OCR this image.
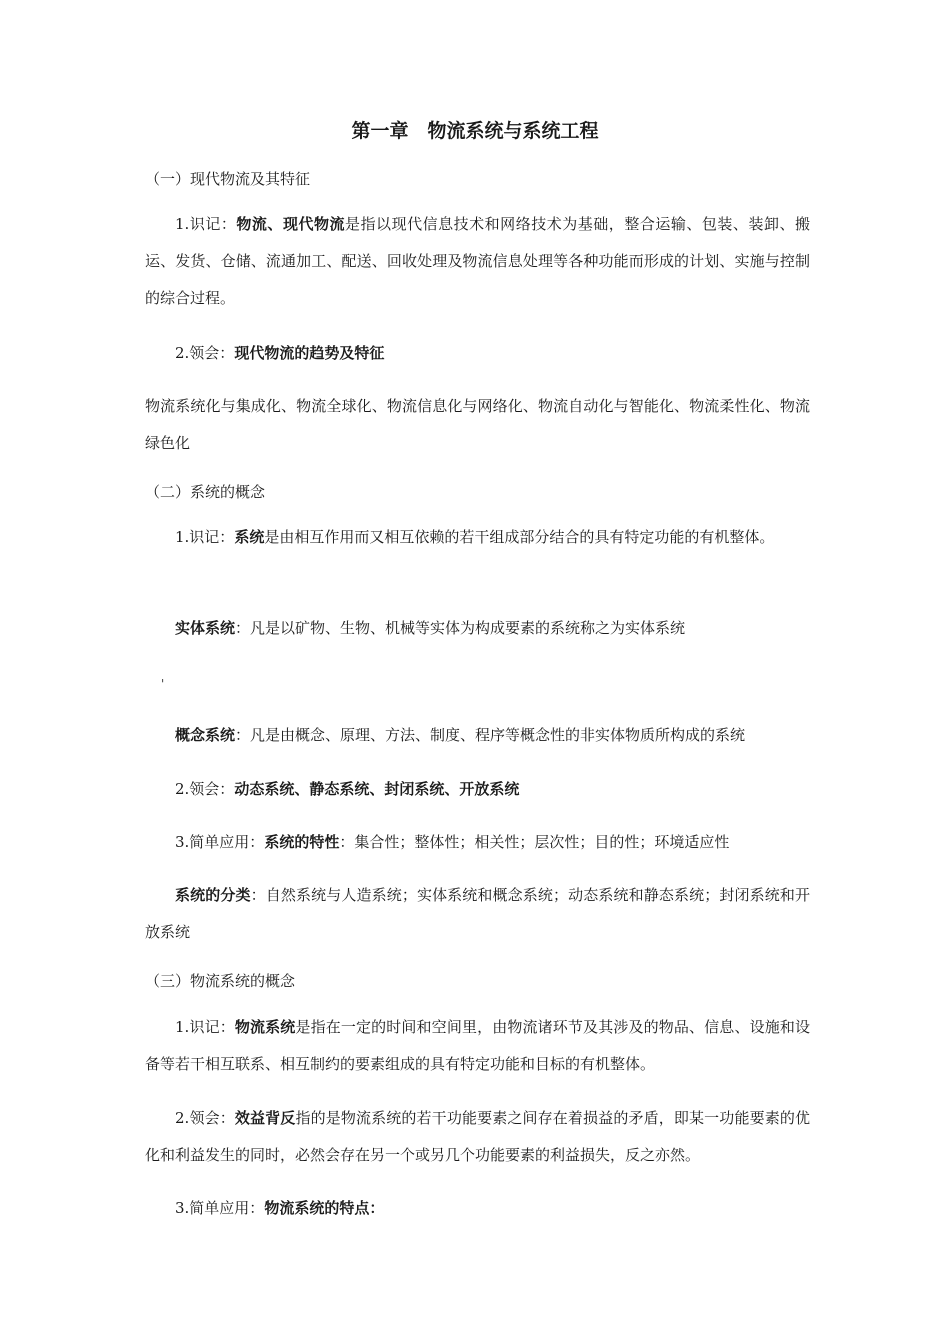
第一章　物流系统与系统工程
（一）现代物流及其特征
1.识记：物流、现代物流是指以现代信息技术和网络技术为基础，整合运输、包装、装卸、搬运、发货、仓储、流通加工、配送、回收处理及物流信息处理等各种功能而形成的计划、实施与控制的综合过程。
2.领会：现代物流的趋势及特征
物流系统化与集成化、物流全球化、物流信息化与网络化、物流自动化与智能化、物流柔性化、物流绿色化
（二）系统的概念
1.识记：系统是由相互作用而又相互依赖的若干组成部分结合的具有特定功能的有机整体。
实体系统：凡是以矿物、生物、机械等实体为构成要素的系统称之为实体系统
'
概念系统：凡是由概念、原理、方法、制度、程序等概念性的非实体物质所构成的系统
2.领会：动态系统、静态系统、封闭系统、开放系统
3.简单应用：系统的特性：集合性；整体性；相关性；层次性；目的性；环境适应性
系统的分类：自然系统与人造系统；实体系统和概念系统；动态系统和静态系统；封闭系统和开放系统
（三）物流系统的概念
1.识记：物流系统是指在一定的时间和空间里，由物流诸环节及其涉及的物品、信息、设施和设备等若干相互联系、相互制约的要素组成的具有特定功能和目标的有机整体。
2.领会：效益背反指的是物流系统的若干功能要素之间存在着损益的矛盾，即某一功能要素的优化和利益发生的同时，必然会存在另一个或另几个功能要素的利益损失，反之亦然。
3.简单应用：物流系统的特点：
